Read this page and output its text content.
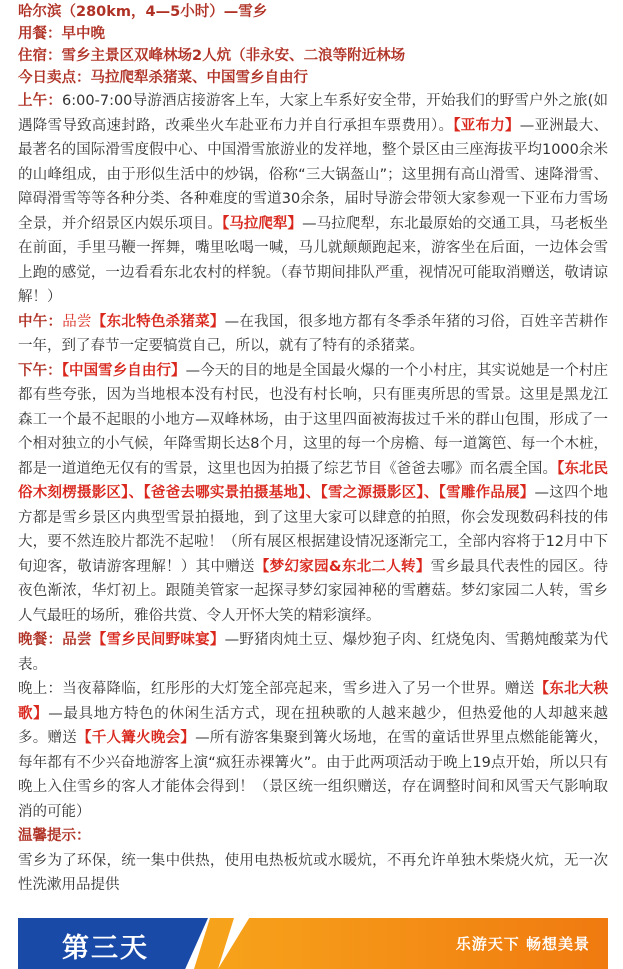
哈尔滨（280km，4—5小时）—雪乡

用餐：早中晚

住宿：雪乡主景区双峰林场2人炕（非永安、二浪等附近林场

今日卖点：马拉爬犁杀猪菜、中国雪乡自由行

上午：6:00-7:00导游酒店接游客上车，大家上车系好安全带，开始我们的野雪户外之旅(如遇降雪导致高速封路，改乘坐火车赴亚布力并自行承担车票费用）。【亚布力】—亚洲最大、最著名的国际滑雪度假中心、中国滑雪旅游业的发祥地，整个景区由三座海拔平均1000余米的山峰组成，由于形似生活中的炒锅，俗称“三大锅盔山”；这里拥有高山滑雪、速降滑雪、障碍滑雪等等各种分类、各种难度的雪道30余条，届时导游会带领大家参观一下亚布力雪场全景，并介绍景区内娱乐项目。【马拉爬犁】—马拉爬犁，东北最原始的交通工具，马老板坐在前面，手里马鞭一挥舞，嘴里吆喝一喊，马儿就颠颠跑起来，游客坐在后面，一边体会雪上跑的感觉，一边看看东北农村的样貌。（春节期间排队严重，视情况可能取消赠送，敬请谅解！）

中午：品尝【东北特色杀猪菜】—在我国，很多地方都有冬季杀年猪的习俗，百姓辛苦耕作一年，到了春节一定要犒赏自己，所以，就有了特有的杀猪菜。

下午：【中国雪乡自由行】—今天的目的地是全国最火爆的一个小村庄，其实说她是一个村庄都有些夸张，因为当地根本没有村民，也没有村长响，只有匪夷所思的雪景。这里是黑龙江森工一个最不起眼的小地方—双峰林场，由于这里四面被海拔过千米的群山包围，形成了一个相对独立的小气候，年降雪期长达8个月，这里的每一个房檐、每一道篱笆、每一个木桩，都是一道道绝无仅有的雪景，这里也因为拍摄了综艺节目《爸爸去哪》而名震全国。【东北民俗木刻楞摄影区】、【爸爸去哪实景拍摄基地】、【雪之源摄影区】、【雪雕作品展】—这四个地方都是雪乡景区内典型雪景拍摄地，到了这里大家可以肆意的拍照，你会发现数码科技的伟大，要不然连胶片都洗不起啦！（所有展区根据建设情况逐渐完工，全部内容将于12月中下旬迎客，敬请游客理解！）其中赠送【梦幻家园&东北二人转】雪乡最具代表性的园区。待夜色渐浓，华灯初上。跟随美管家一起探寻梦幻家园神秘的雪蘑菇。梦幻家园二人转，雪乡人气最旺的场所，雅俗共赏、令人开怀大笑的精彩演绎。

晚餐：品尝【雪乡民间野味宴】—野猪肉炖土豆、爆炒狍子肉、红烧兔肉、雪鹅炖酸菜为代表。

晚上：当夜幕降临，红彤彤的大灯笼全部亮起来，雪乡进入了另一个世界。赠送【东北大秧歌】—最具地方特色的休闲生活方式，现在扭秧歌的人越来越少，但热爱他的人却越来越多。赠送【千人篝火晚会】—所有游客集聚到篝火场地，在雪的童话世界里点燃能能篝火，每年都有不少兴奋地游客上演“疯狂赤裸篝火”。由于此两项活动于晚上19点开始，所以只有晚上入住雪乡的客人才能体会得到！（景区统一组织赠送，存在调整时间和风雪天气影响取消的可能）

温馨提示：

雪乡为了环保，统一集中供热，使用电热板炕或水暖炕，不再允许单独木柴烧火炕，无一次性洗漱用品提供

第三天	乐游天下 畅想美景
